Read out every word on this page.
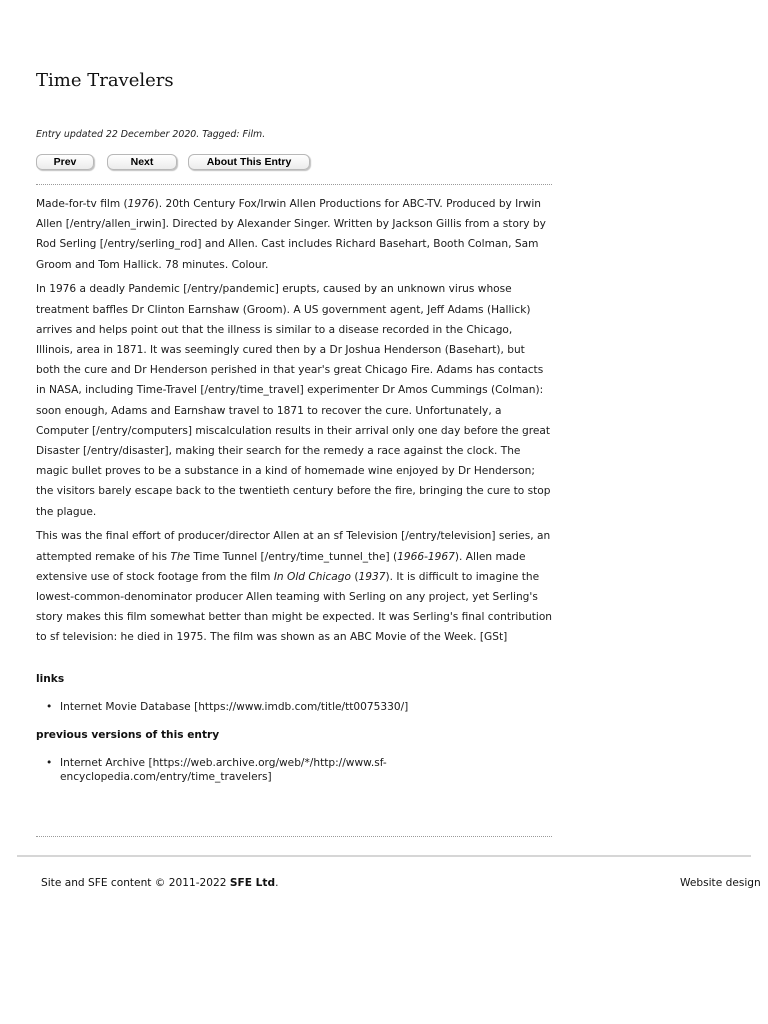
Time Travelers

Entry updated 22 December 2020. Tagged: Film.

Prev	Next	About This Entry

Made-for-tv film (1976). 20th Century Fox/Irwin Allen Productions for ABC-TV. Produced by Irwin Allen [/entry/allen_irwin]. Directed by Alexander Singer. Written by Jackson Gillis from a story by Rod Serling [/entry/serling_rod] and Allen. Cast includes Richard Basehart, Booth Colman, Sam Groom and Tom Hallick. 78 minutes. Colour.

In 1976 a deadly Pandemic [/entry/pandemic] erupts, caused by an unknown virus whose treatment baffles Dr Clinton Earnshaw (Groom). A US government agent, Jeff Adams (Hallick) arrives and helps point out that the illness is similar to a disease recorded in the Chicago, Illinois, area in 1871. It was seemingly cured then by a Dr Joshua Henderson (Basehart), but both the cure and Dr Henderson perished in that year's great Chicago Fire. Adams has contacts in NASA, including Time-Travel [/entry/time_travel] experimenter Dr Amos Cummings (Colman): soon enough, Adams and Earnshaw travel to 1871 to recover the cure. Unfortunately, a Computer [/entry/computers] miscalculation results in their arrival only one day before the great Disaster [/entry/disaster], making their search for the remedy a race against the clock. The magic bullet proves to be a substance in a kind of homemade wine enjoyed by Dr Henderson; the visitors barely escape back to the twentieth century before the fire, bringing the cure to stop the plague.

This was the final effort of producer/director Allen at an sf Television [/entry/television] series, an attempted remake of his The Time Tunnel [/entry/time_tunnel_the] (1966-1967). Allen made extensive use of stock footage from the film In Old Chicago (1937). It is difficult to imagine the lowest-common-denominator producer Allen teaming with Serling on any project, yet Serling's story makes this film somewhat better than might be expected. It was Serling's final contribution to sf television: he died in 1975. The film was shown as an ABC Movie of the Week. [GSt]

links
• Internet Movie Database [https://www.imdb.com/title/tt0075330/]
previous versions of this entry
• Internet Archive [https://web.archive.org/web/*/http://www.sf-encyclopedia.com/entry/time_travelers]
Site and SFE content © 2011-2022 SFE Ltd.	Website design
